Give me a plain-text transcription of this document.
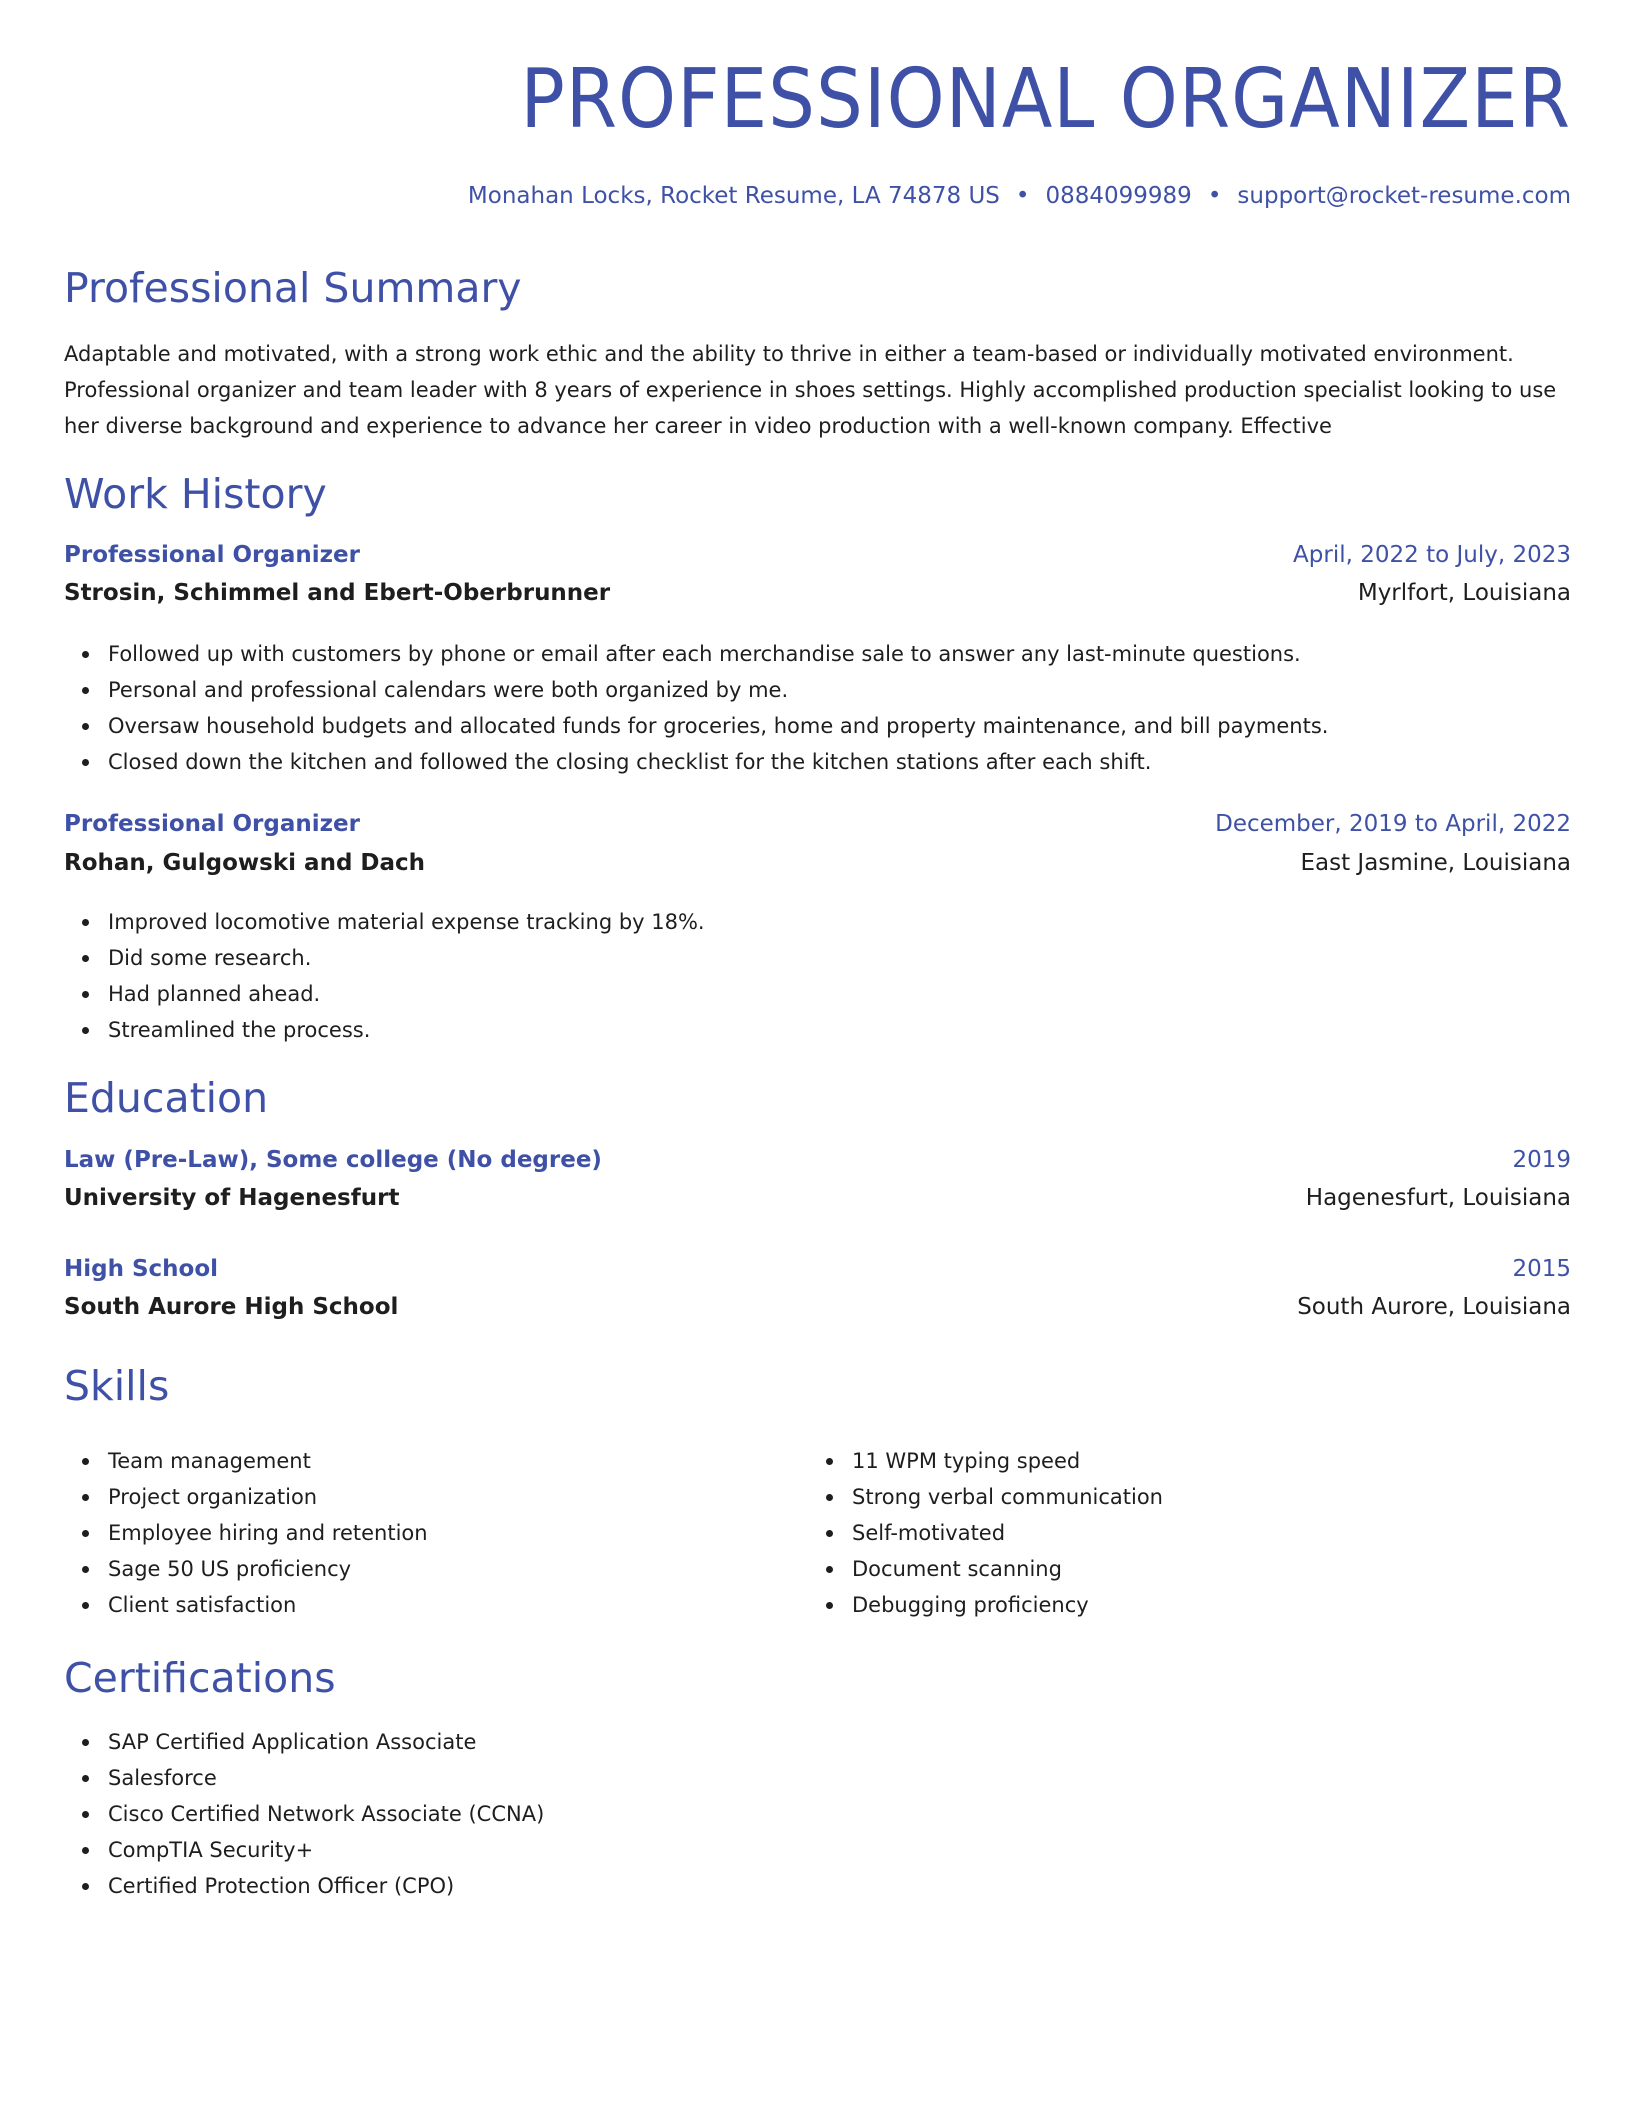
PROFESSIONAL ORGANIZER
Monahan Locks, Rocket Resume, LA 74878 US • 0884099989 • support@rocket-resume.com
Professional Summary

Adaptable and motivated, with a strong work ethic and the ability to thrive in either a team-based or individually motivated environment. Professional organizer and team leader with 8 years of experience in shoes settings. Highly accomplished production specialist looking to use her diverse background and experience to advance her career in video production with a well-known company. Effective

Work History
Professional Organizer	April, 2022 to July, 2023
Strosin, Schimmel and Ebert-Oberbrunner	Myrlfort, Louisiana
Followed up with customers by phone or email after each merchandise sale to answer any last-minute questions.
Personal and professional calendars were both organized by me.
Oversaw household budgets and allocated funds for groceries, home and property maintenance, and bill payments.
Closed down the kitchen and followed the closing checklist for the kitchen stations after each shift.
Professional Organizer	December, 2019 to April, 2022
Rohan, Gulgowski and Dach	East Jasmine, Louisiana
Improved locomotive material expense tracking by 18%.
Did some research.
Had planned ahead.
Streamlined the process.
Education
Law (Pre-Law), Some college (No degree)	2019
University of Hagenesfurt	Hagenesfurt, Louisiana
High School	2015
South Aurore High School	South Aurore, Louisiana
Skills
Team management
Project organization
Employee hiring and retention
Sage 50 US proficiency
Client satisfaction
11 WPM typing speed
Strong verbal communication
Self-motivated
Document scanning
Debugging proficiency
Certifications
SAP Certified Application Associate
Salesforce
Cisco Certified Network Associate (CCNA)
CompTIA Security+
Certified Protection Officer (CPO)
